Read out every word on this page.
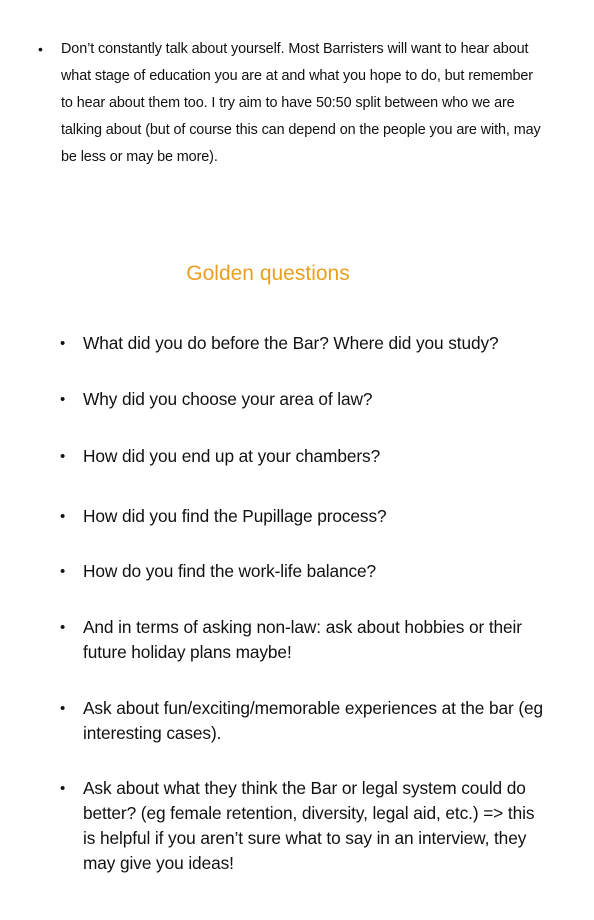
•	Don’t constantly talk about yourself. Most Barristers will want to hear about what stage of education you are at and what you hope to do, but remember to hear about them too. I try aim to have 50:50 split between who we are talking about (but of course this can depend on the people you are with, may be less or may be more).
Golden questions
•	What did you do before the Bar? Where did you study?
•	Why did you choose your area of law?
•	How did you end up at your chambers?
•	How did you find the Pupillage process?
•	How do you find the work-life balance?
•	And in terms of asking non-law: ask about hobbies or their future holiday plans maybe!
•	Ask about fun/exciting/memorable experiences at the bar (eg interesting cases).
•	Ask about what they think the Bar or legal system could do better? (eg female retention, diversity, legal aid, etc.) => this is helpful if you aren’t sure what to say in an interview, they may give you ideas!
